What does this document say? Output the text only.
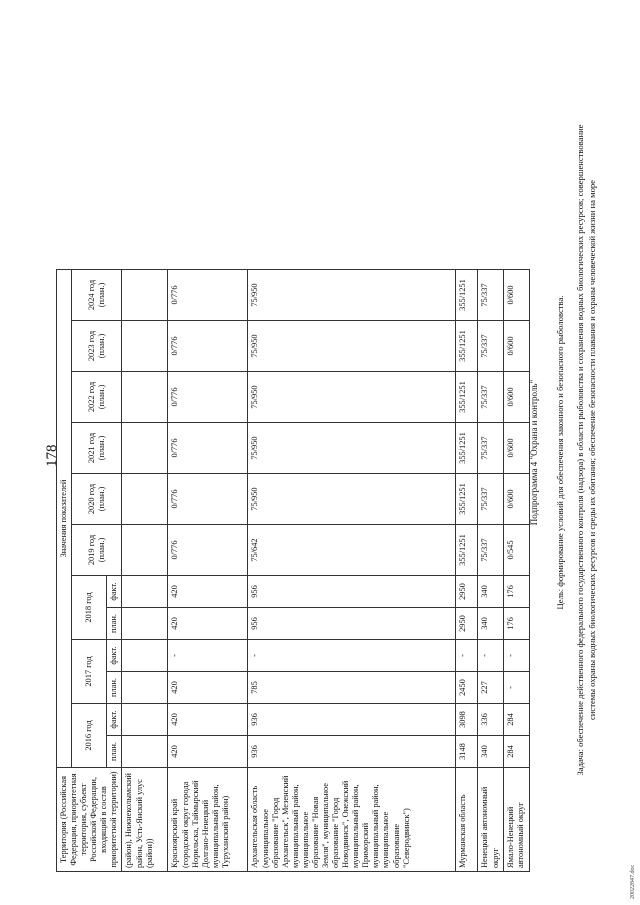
178
Территория (Российская Федерация, приоритетная территория, субъект Российской Федерации, входящий в состав приоритетной территории)	Значения показателей											
	2016 год		2017 год		2018 год		2019 год (план.)	2020 год (план.)	2021 год (план.)	2022 год (план.)	2023 год (план.)	2024 год (план.)
	план.	факт.	план.	факт.	план.	факт.						
(район), Нижнеколымский район, Усть-Янский улус (район))												
Красноярский край (городской округ города Норильска, Таймырский Долгано-Ненецкий муниципальный район, Туруханский район)	420	420	420	-	420	420	0/776	0/776	0/776	0/776	0/776	0/776
Архангельская область (муниципальное образование "Город Архангельск", Мезенский муниципальный район, муниципальное образование "Новая Земля", муниципальное образование "Город Новодвинск", Онежский муниципальный район, Приморский муниципальный район, муниципальное образование "Северодвинск")	936	936	785	-	956	956	75/642	75/950	75/950	75/950	75/950	75/950
Мурманская область	3148	3098	2450	-	2950	2950	355/1251	355/1251	355/1251	355/1251	355/1251	355/1251
Ненецкий автономный округ	340	336	227	-	340	340	75/337	75/337	75/337	75/337	75/337	75/337
Ямало-Ненецкий автономный округ	284	284	-	-	176	176	0/545	0/600	0/600	0/600	0/600	0/600
Подпрограмма 4 "Охрана и контроль" Цель: формирование условий для обеспечения законного и безопасного рыболовства. Задача: обеспечение действенного федерального государственного контроля (надзора) в области рыболовства и сохранения водных биологических ресурсов; совершенствование системы охраны водных биологических ресурсов и среды их обитания; обеспечение безопасности плавания и охраны человеческой жизни на море
20022847.doc
